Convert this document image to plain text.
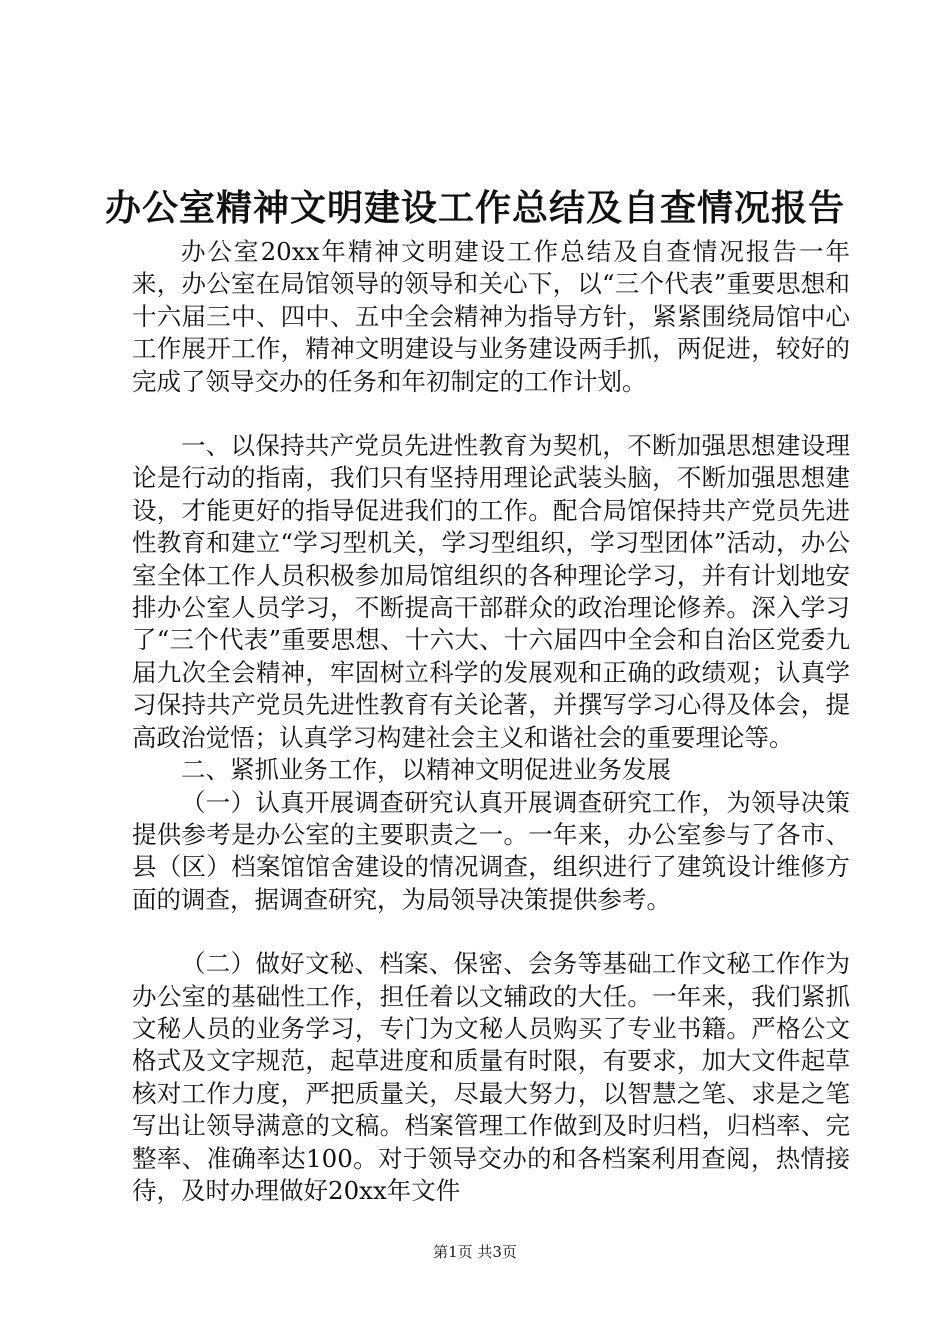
办公室精神文明建设工作总结及自查情况报告

办公室20xx年精神文明建设工作总结及自查情况报告一年来，办公室在局馆领导的领导和关心下，以“三个代表”重要思想和十六届三中、四中、五中全会精神为指导方针，紧紧围绕局馆中心工作展开工作，精神文明建设与业务建设两手抓，两促进，较好的完成了领导交办的任务和年初制定的工作计划。

一、以保持共产党员先进性教育为契机，不断加强思想建设理论是行动的指南，我们只有坚持用理论武装头脑，不断加强思想建设，才能更好的指导促进我们的工作。配合局馆保持共产党员先进性教育和建立“学习型机关，学习型组织，学习型团体”活动，办公室全体工作人员积极参加局馆组织的各种理论学习，并有计划地安排办公室人员学习，不断提高干部群众的政治理论修养。深入学习了“三个代表”重要思想、十六大、十六届四中全会和自治区党委九届九次全会精神，牢固树立科学的发展观和正确的政绩观；认真学习保持共产党员先进性教育有关论著，并撰写学习心得及体会，提高政治觉悟；认真学习构建社会主义和谐社会的重要理论等。

二、紧抓业务工作，以精神文明促进业务发展

（一）认真开展调查研究认真开展调查研究工作，为领导决策提供参考是办公室的主要职责之一。一年来，办公室参与了各市、县（区）档案馆馆舍建设的情况调查，组织进行了建筑设计维修方面的调查，据调查研究，为局领导决策提供参考。

（二）做好文秘、档案、保密、会务等基础工作文秘工作作为办公室的基础性工作，担任着以文辅政的大任。一年来，我们紧抓文秘人员的业务学习，专门为文秘人员购买了专业书籍。严格公文格式及文字规范，起草进度和质量有时限，有要求，加大文件起草核对工作力度，严把质量关，尽最大努力，以智慧之笔、求是之笔写出让领导满意的文稿。档案管理工作做到及时归档，归档率、完整率、准确率达100。对于领导交办的和各档案利用查阅，热情接待，及时办理做好20xx年文件

第1页 共3页
